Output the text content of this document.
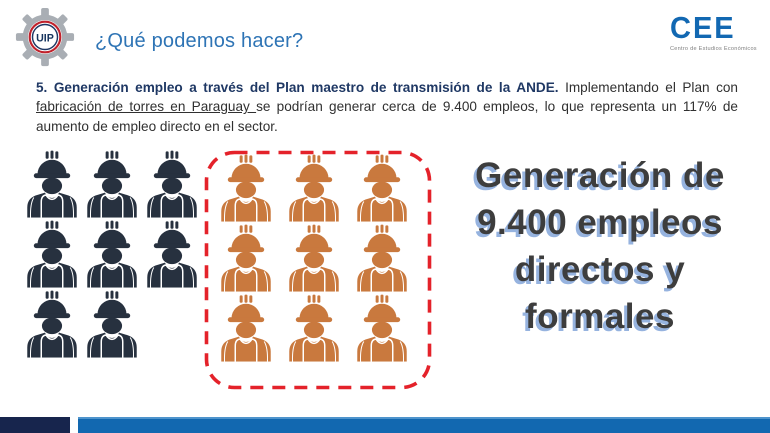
UIP ¿Qué podemos hacer?	CEE
Centro de Estudios Económicos

5. Generación empleo a través del Plan maestro de transmisión de la ANDE. Implementando el Plan con fabricación de torres en Paraguay se podrían generar cerca de 9.400 empleos, lo que representa un 117% de aumento de empleo directo en el sector.

Generación de
9.400 empleos
directos y
formales
